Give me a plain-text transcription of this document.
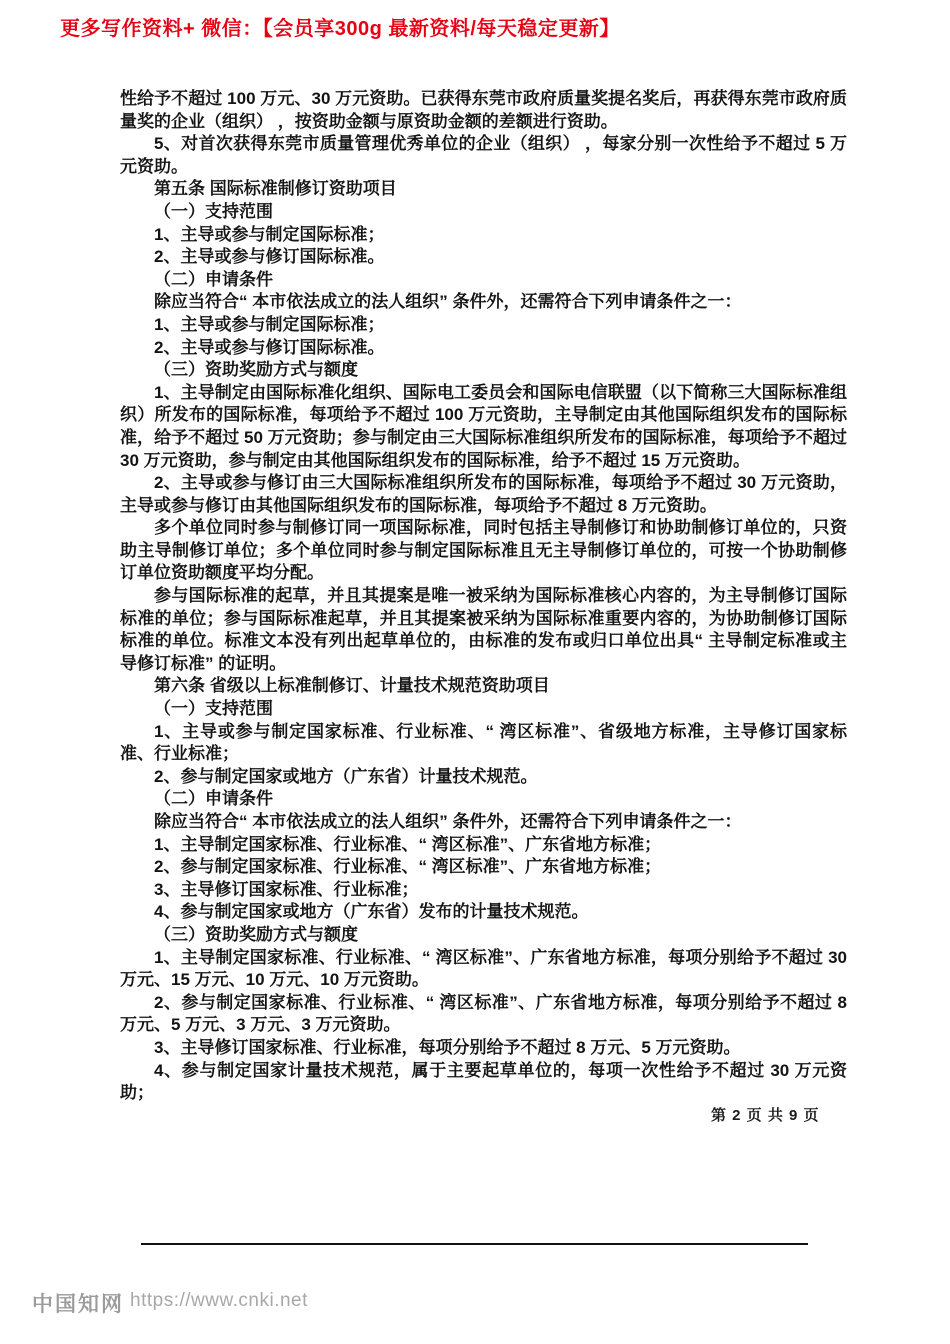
更多写作资料+ 微信：【会员享300g 最新资料/每天稳定更新】

性给予不超过 100 万元、30 万元资助。已获得东莞市政府质量奖提名奖后，再获得东莞市政府质量奖的企业（组织） ，按资助金额与原资助金额的差额进行资助。

5、对首次获得东莞市质量管理优秀单位的企业（组织） ，每家分别一次性给予不超过 5 万元资助。

第五条 国际标准制修订资助项目

（一）支持范围

1、主导或参与制定国际标准；

2、主导或参与修订国际标准。

（二）申请条件

除应当符合“ 本市依法成立的法人组织” 条件外，还需符合下列申请条件之一：

1、主导或参与制定国际标准；

2、主导或参与修订国际标准。

（三）资助奖励方式与额度

1、主导制定由国际标准化组织、国际电工委员会和国际电信联盟（以下简称三大国际标准组织）所发布的国际标准，每项给予不超过 100 万元资助，主导制定由其他国际组织发布的国际标准，给予不超过 50 万元资助；参与制定由三大国际标准组织所发布的国际标准，每项给予不超过 30 万元资助，参与制定由其他国际组织发布的国际标准，给予不超过 15 万元资助。

2、主导或参与修订由三大国际标准组织所发布的国际标准，每项给予不超过 30 万元资助，主导或参与修订由其他国际组织发布的国际标准，每项给予不超过 8 万元资助。

多个单位同时参与制修订同一项国际标准，同时包括主导制修订和协助制修订单位的，只资助主导制修订单位；多个单位同时参与制定国际标准且无主导制修订单位的，可按一个协助制修订单位资助额度平均分配。

参与国际标准的起草，并且其提案是唯一被采纳为国际标准核心内容的，为主导制修订国际标准的单位；参与国际标准起草，并且其提案被采纳为国际标准重要内容的，为协助制修订国际标准的单位。标准文本没有列出起草单位的，由标准的发布或归口单位出具“ 主导制定标准或主导修订标准” 的证明。

第六条 省级以上标准制修订、计量技术规范资助项目

（一）支持范围

1、主导或参与制定国家标准、行业标准、“ 湾区标准”、省级地方标准，主导修订国家标准、行业标准；

2、参与制定国家或地方（广东省）计量技术规范。

（二）申请条件

除应当符合“ 本市依法成立的法人组织” 条件外，还需符合下列申请条件之一：

1、主导制定国家标准、行业标准、“ 湾区标准”、广东省地方标准；

2、参与制定国家标准、行业标准、“ 湾区标准”、广东省地方标准；

3、主导修订国家标准、行业标准；

4、参与制定国家或地方（广东省）发布的计量技术规范。

（三）资助奖励方式与额度

1、主导制定国家标准、行业标准、“ 湾区标准”、广东省地方标准，每项分别给予不超过 30 万元、15 万元、10 万元、10 万元资助。

2、参与制定国家标准、行业标准、“ 湾区标准”、广东省地方标准，每项分别给予不超过 8 万元、5 万元、3 万元、3 万元资助。

3、主导修订国家标准、行业标准，每项分别给予不超过 8 万元、5 万元资助。

4、参与制定国家计量技术规范，属于主要起草单位的，每项一次性给予不超过 30 万元资助；

第 2 页 共 9 页
中国知网 https://www.cnki.net
